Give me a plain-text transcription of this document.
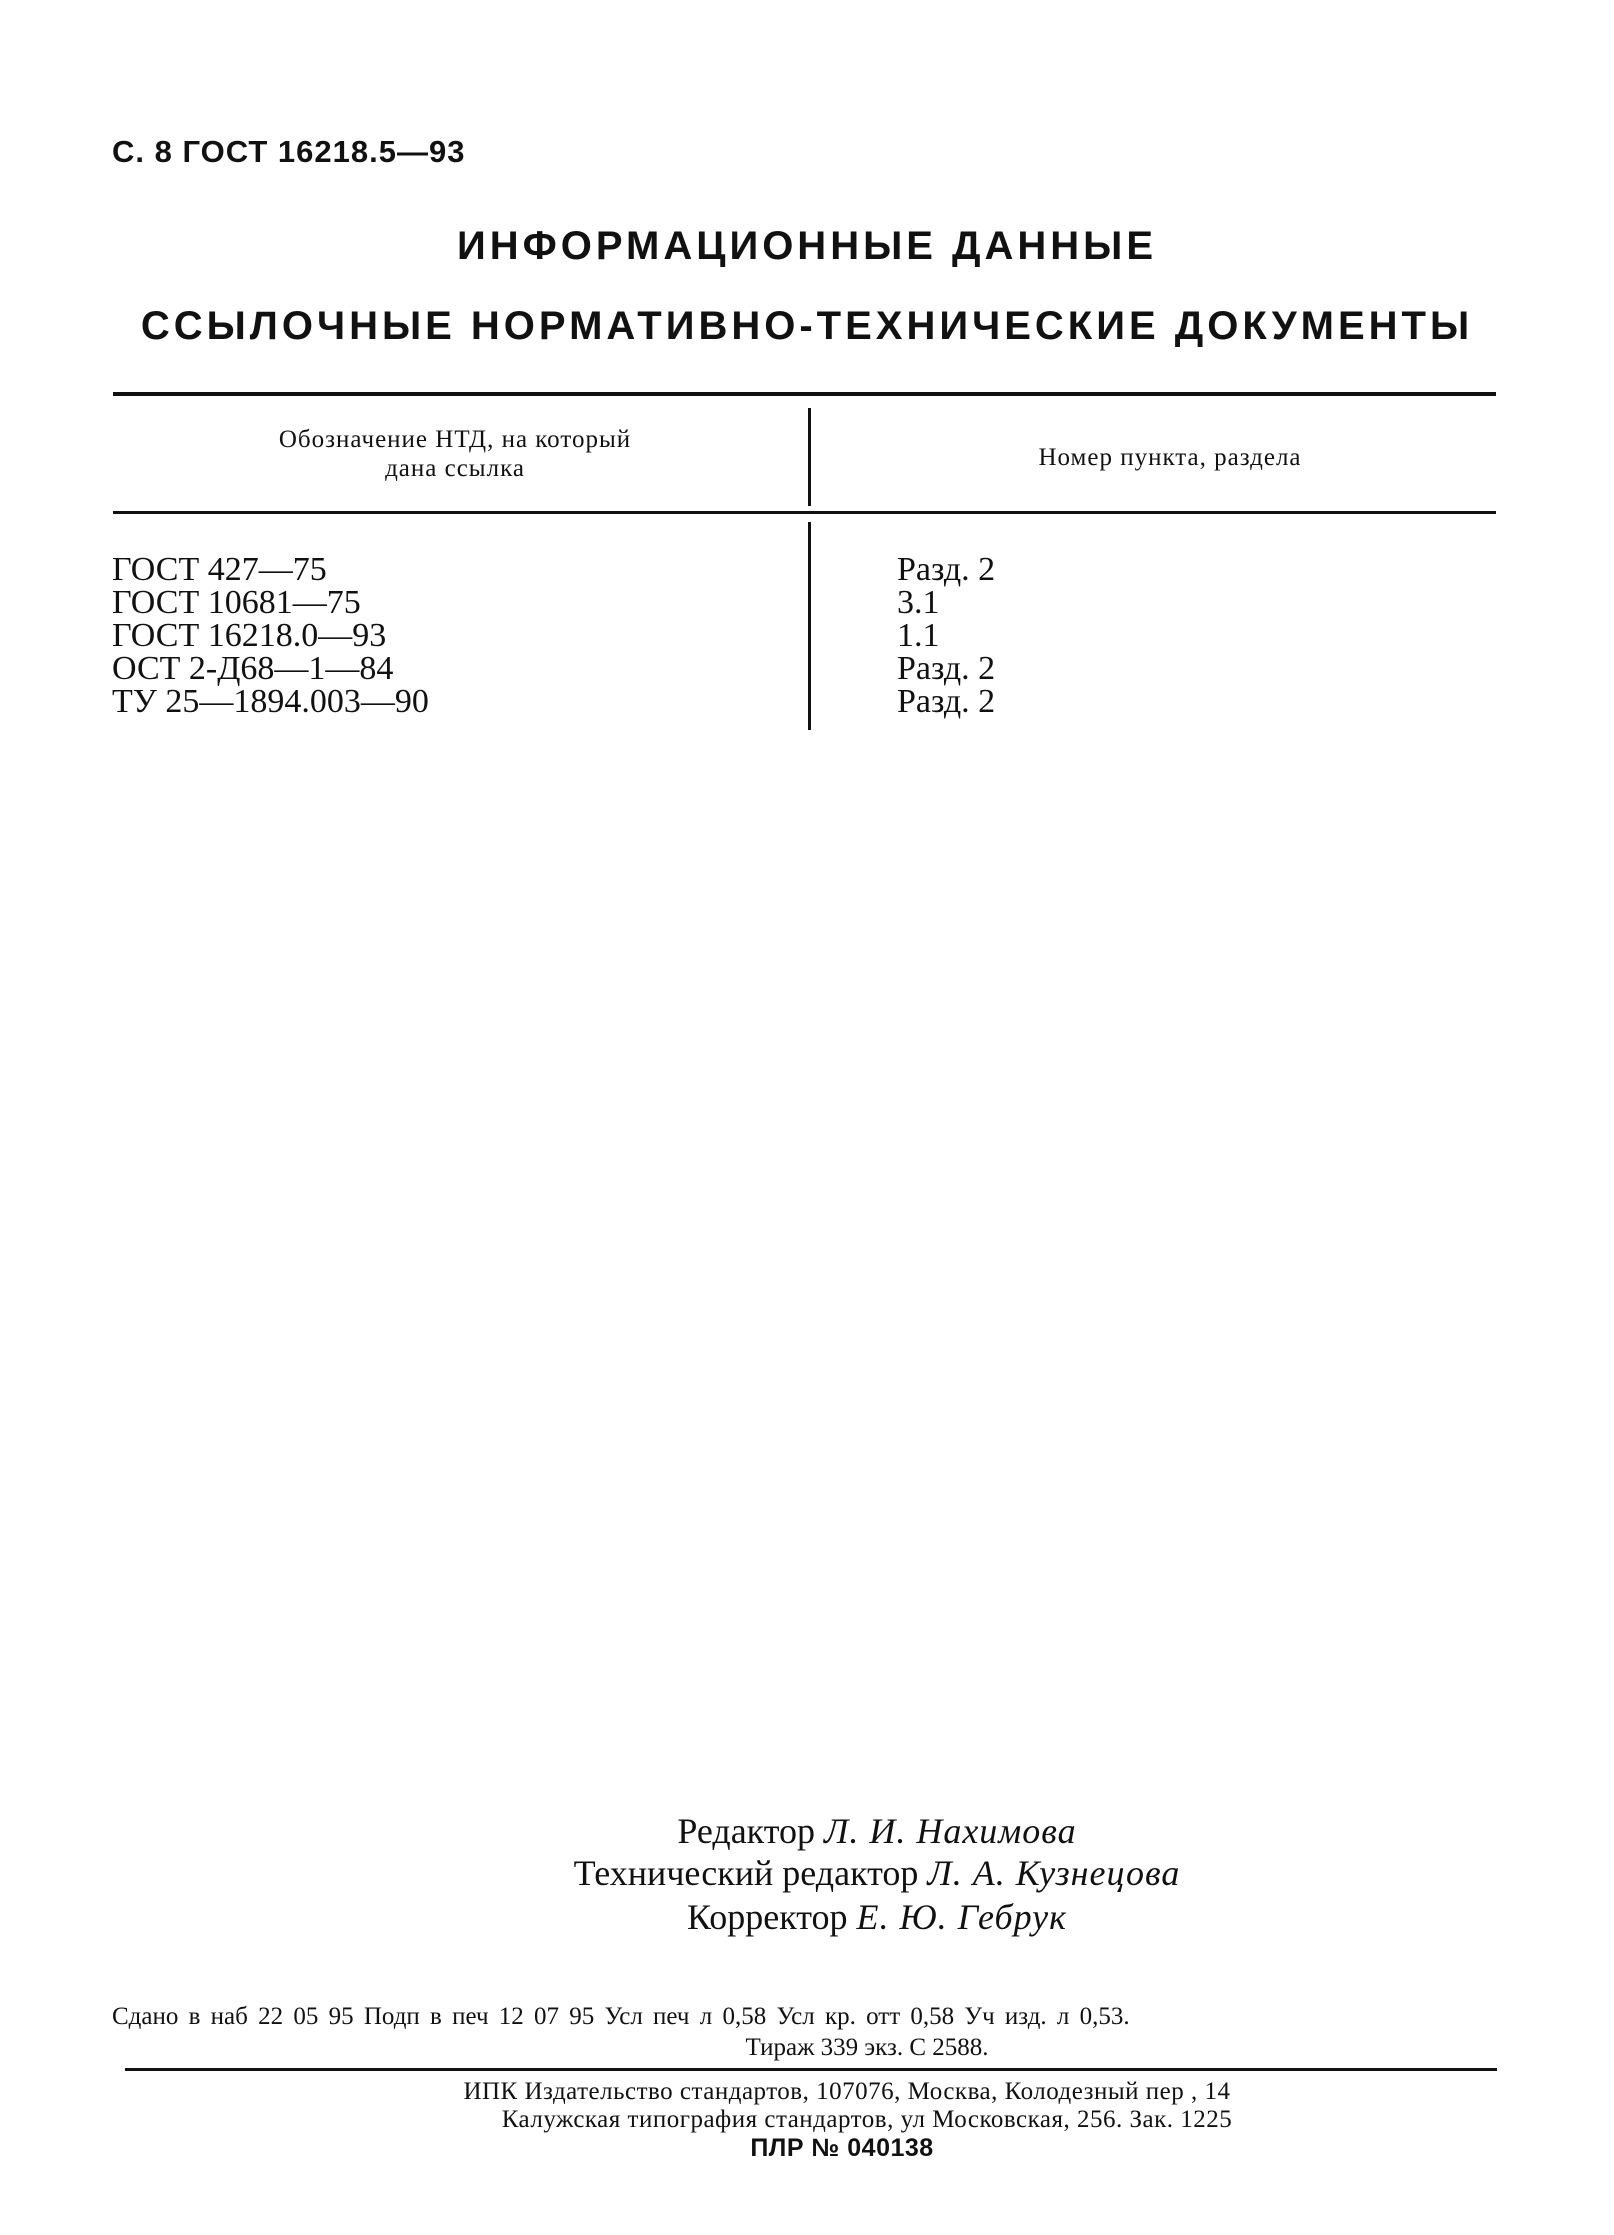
С. 8 ГОСТ 16218.5—93
ИНФОРМАЦИОННЫЕ ДАННЫЕ
ССЫЛОЧНЫЕ НОРМАТИВНО-ТЕХНИЧЕСКИЕ ДОКУМЕНТЫ
Обозначение НТД, на который
дана ссылка	Номер пункта, раздела
ГОСТ 427—75
ГОСТ 10681—75
ГОСТ 16218.0—93
ОСТ 2-Д68—1—84
ТУ 25—1894.003—90
Разд. 2
3.1
1.1
Разд. 2
Разд. 2
Редактор Л. И. Нахимова
Технический редактор Л. А. Кузнецова
Корректор Е. Ю. Гебрук
Сдано в наб 22 05 95 Подп в печ 12 07 95 Усл печ л 0,58 Усл кр. отт 0,58 Уч изд. л 0,53.
Тираж 339 экз. С 2588.
ИПК Издательство стандартов, 107076, Москва, Колодезный пер , 14
Калужская типография стандартов, ул Московская, 256. Зак. 1225
ПЛР № 040138
